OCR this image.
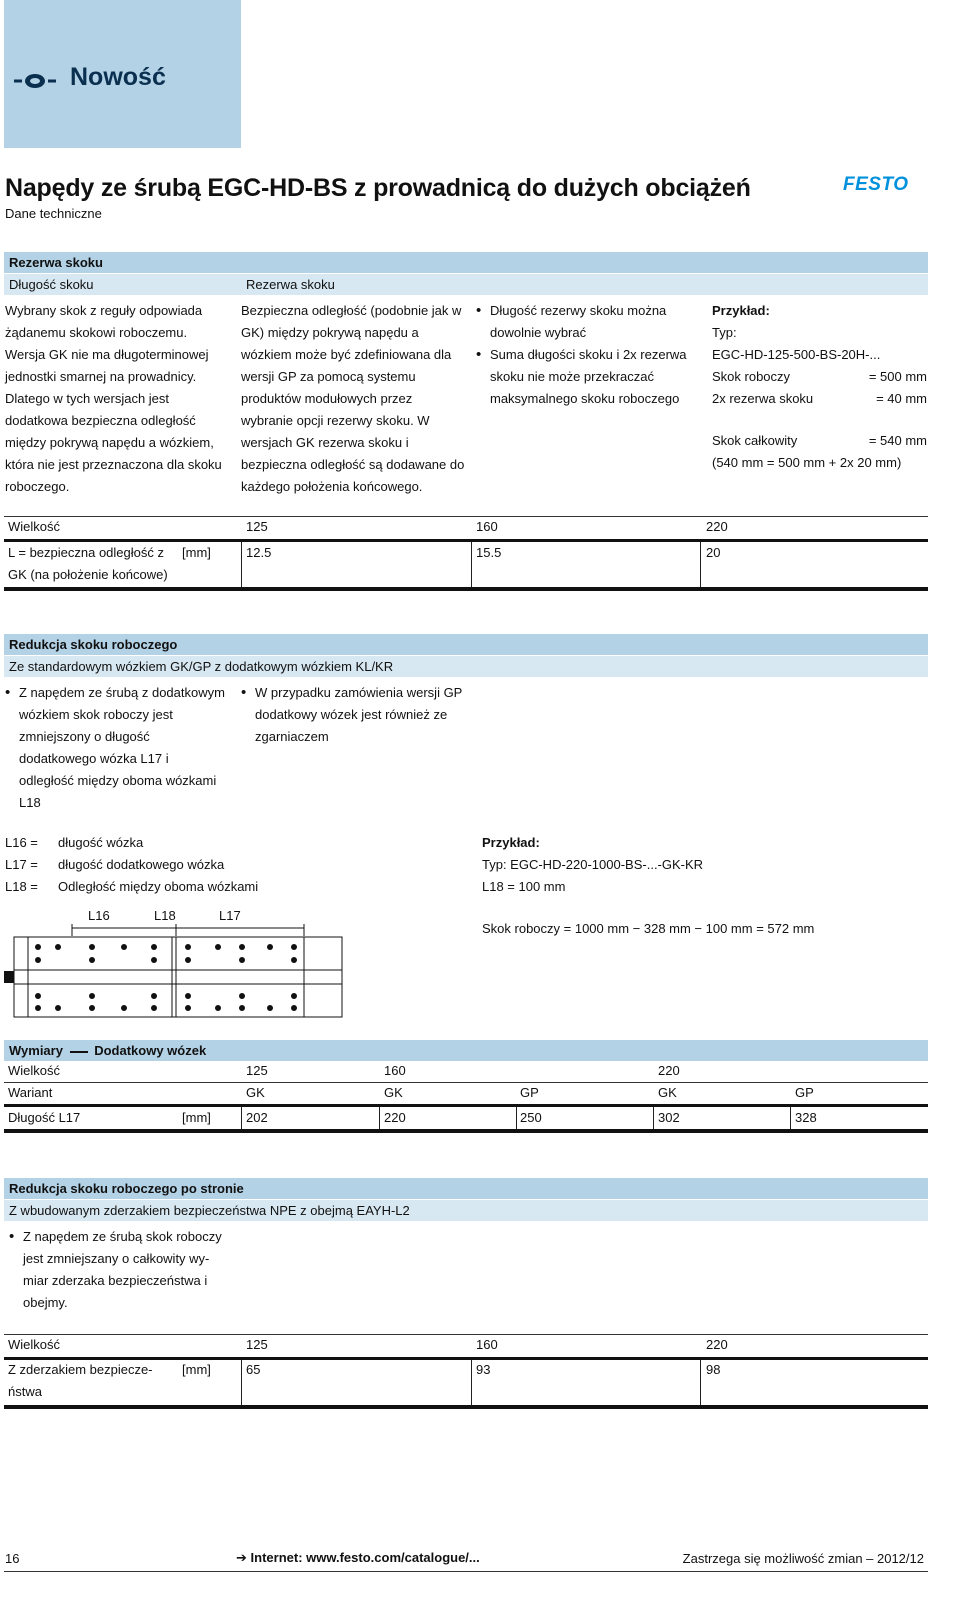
Nowość
Napędy ze śrubą EGC-HD-BS z prowadnicą do dużych obciążeń
Dane techniczne
FESTO
Rezerwa skoku
Długość skoku	Rezerwa skoku
Wybrany skok z reguły odpowiada
żądanemu skokowi roboczemu.
Wersja GK nie ma długoterminowej
jednostki smarnej na prowadnicy.
Dlatego w tych wersjach jest
dodatkowa bezpieczna odległość
między pokrywą napędu a wózkiem,
która nie jest przeznaczona dla skoku
roboczego.
Bezpieczna odległość (podobnie jak w
GK) między pokrywą napędu a
wózkiem może być zdefiniowana dla
wersji GP za pomocą systemu
produktów modułowych przez
wybranie opcji rezerwy skoku. W
wersjach GK rezerwa skoku i
bezpieczna odległość są dodawane do
każdego położenia końcowego.
• Długość rezerwy skoku można
dowolnie wybrać
• Suma długości skoku i 2x rezerwa
skoku nie może przekraczać
maksymalnego skoku roboczego
Przykład:
Typ:
EGC-HD-125-500-BS-20H-...
Skok roboczy	= 500 mm
2x rezerwa skoku	= 40 mm
Skok całkowity	= 540 mm
(540 mm = 500 mm + 2x 20 mm)
Wielkość	125	160	220
L = bezpieczna odległość z
GK (na położenie końcowe)
[mm]	12.5	15.5	20
Redukcja skoku roboczego
Ze standardowym wózkiem GK/GP z dodatkowym wózkiem KL/KR
• Z napędem ze śrubą z dodatkowym
wózkiem skok roboczy jest
zmniejszony o długość
dodatkowego wózka L17 i
odległość między oboma wózkami
L18
• W przypadku zamówienia wersji GP
dodatkowy wózek jest również ze
zgarniaczem
L16 = długość wózka
L17 = długość dodatkowego wózka
L18 = Odległość między oboma wózkami
Przykład:
Typ: EGC-HD-220-1000-BS-...-GK-KR
L18 = 100 mm
Skok roboczy = 1000 mm − 328 mm − 100 mm = 572 mm
L16	L18	L17
Wymiary Dodatkowy wózek
Wielkość	125	160	220
Wariant	GK	GK	GP	GK	GP
Długość L17	[mm]	202	220	250	302	328
Redukcja skoku roboczego po stronie
Z wbudowanym zderzakiem bezpieczeństwa NPE z obejmą EAYH-L2
• Z napędem ze śrubą skok roboczy
jest zmniejszany o całkowity wy-
miar zderzaka bezpieczeństwa i
obejmy.
Wielkość	125	160	220
Z zderzakiem bezpiecze-
ństwa
[mm]	65	93	98
16	➔ Internet: www.festo.com/catalogue/...	Zastrzega się możliwość zmian – 2012/12
